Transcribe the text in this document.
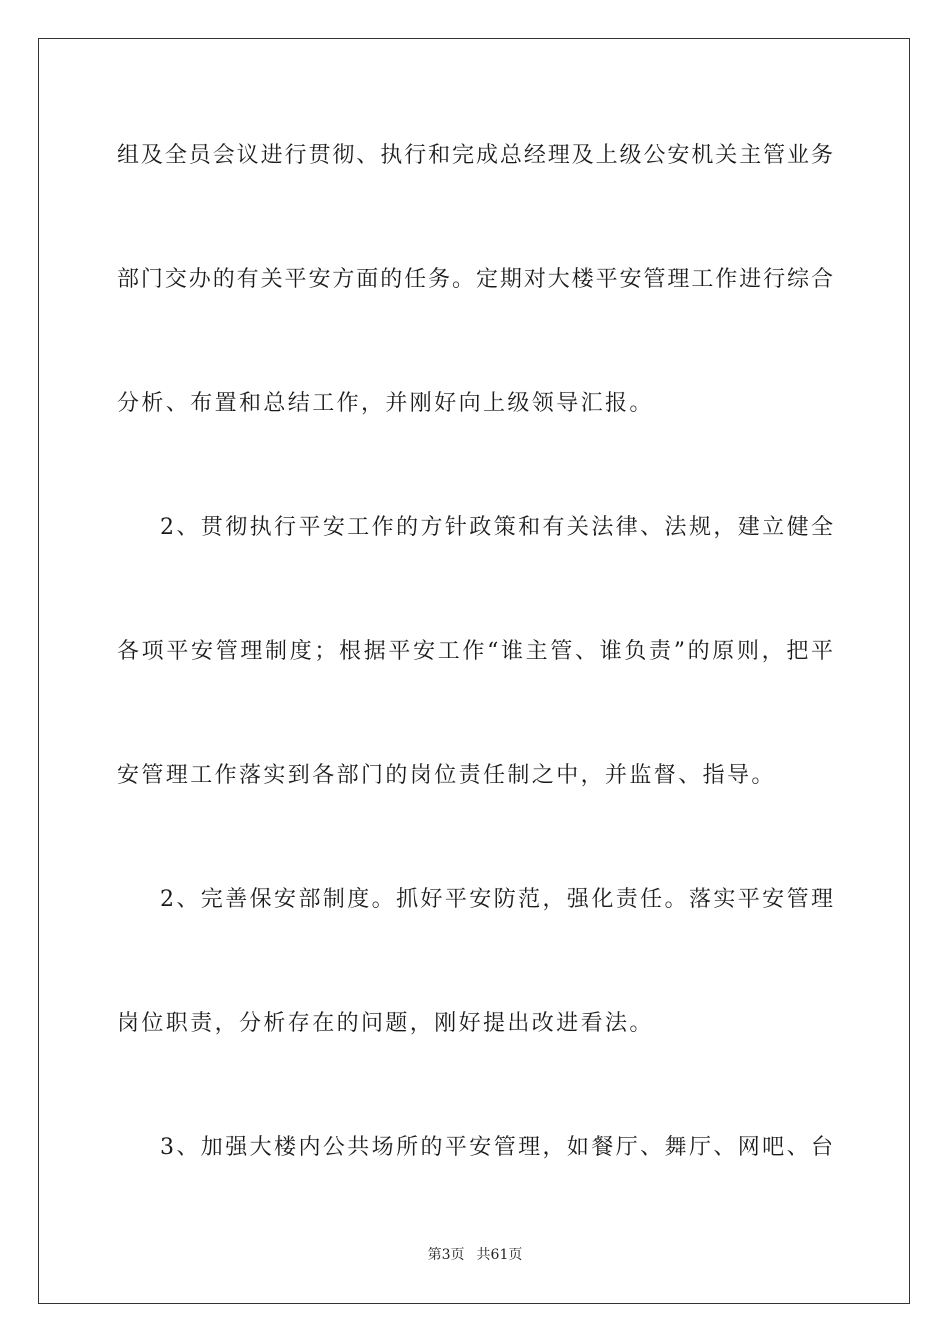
组及全员会议进行贯彻、执行和完成总经理及上级公安机关主管业务
部门交办的有关平安方面的任务。定期对大楼平安管理工作进行综合
分析、布置和总结工作，并刚好向上级领导汇报。
2、贯彻执行平安工作的方针政策和有关法律、法规，建立健全
各项平安管理制度；根据平安工作“谁主管、谁负责”的原则，把平
安管理工作落实到各部门的岗位责任制之中，并监督、指导。
2、完善保安部制度。抓好平安防范，强化责任。落实平安管理
岗位职责，分析存在的问题，刚好提出改进看法。
3、加强大楼内公共场所的平安管理，如餐厅、舞厅、网吧、台
第3页 共61页
